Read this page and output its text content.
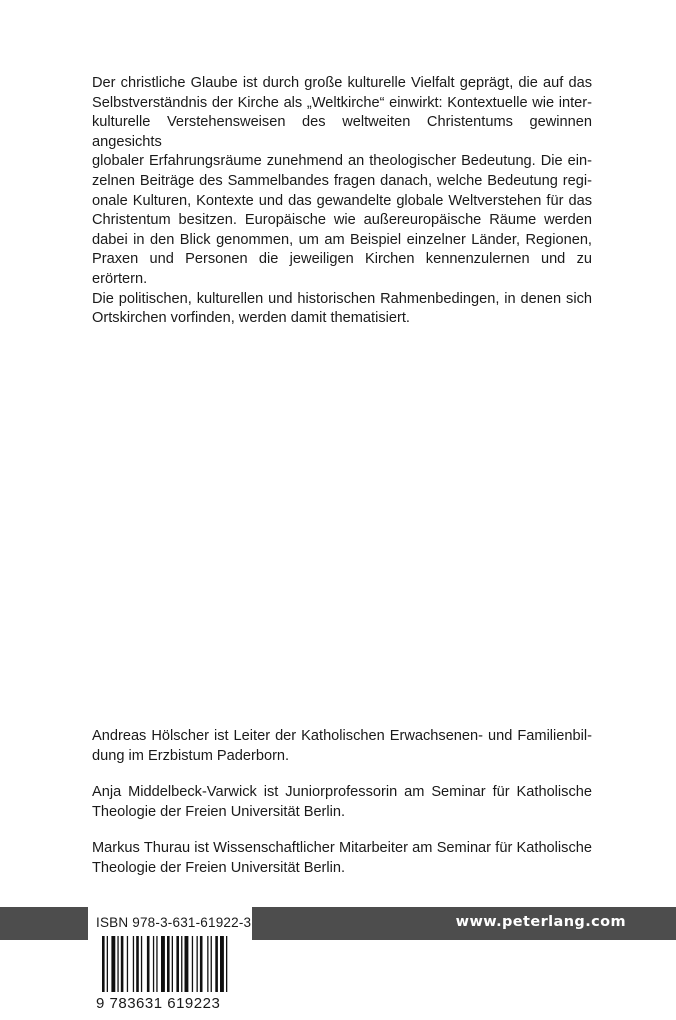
Der christliche Glaube ist durch große kulturelle Vielfalt geprägt, die auf das
Selbstverständnis der Kirche als „Weltkirche“ einwirkt: Kontextuelle wie inter-
kulturelle Verstehensweisen des weltweiten Christentums gewinnen angesichts
globaler Erfahrungsräume zunehmend an theologischer Bedeutung. Die ein-
zelnen Beiträge des Sammelbandes fragen danach, welche Bedeutung regi-
onale Kulturen, Kontexte und das gewandelte globale Weltverstehen für das
Christentum besitzen. Europäische wie außereuropäische Räume werden
dabei in den Blick genommen, um am Beispiel einzelner Länder, Regionen,
Praxen und Personen die jeweiligen Kirchen kennenzulernen und zu erörtern.
Die politischen, kulturellen und historischen Rahmenbedingen, in denen sich
Ortskirchen vorfinden, werden damit thematisiert.

Andreas Hölscher ist Leiter der Katholischen Erwachsenen- und Familienbil-
dung im Erzbistum Paderborn.

Anja Middelbeck-Varwick ist Juniorprofessorin am Seminar für Katholische
Theologie der Freien Universität Berlin.

Markus Thurau ist Wissenschaftlicher Mitarbeiter am Seminar für Katholische
Theologie der Freien Universität Berlin.

ISBN 978-3-631-61922-3	www.peterlang.com
9 783631 619223
